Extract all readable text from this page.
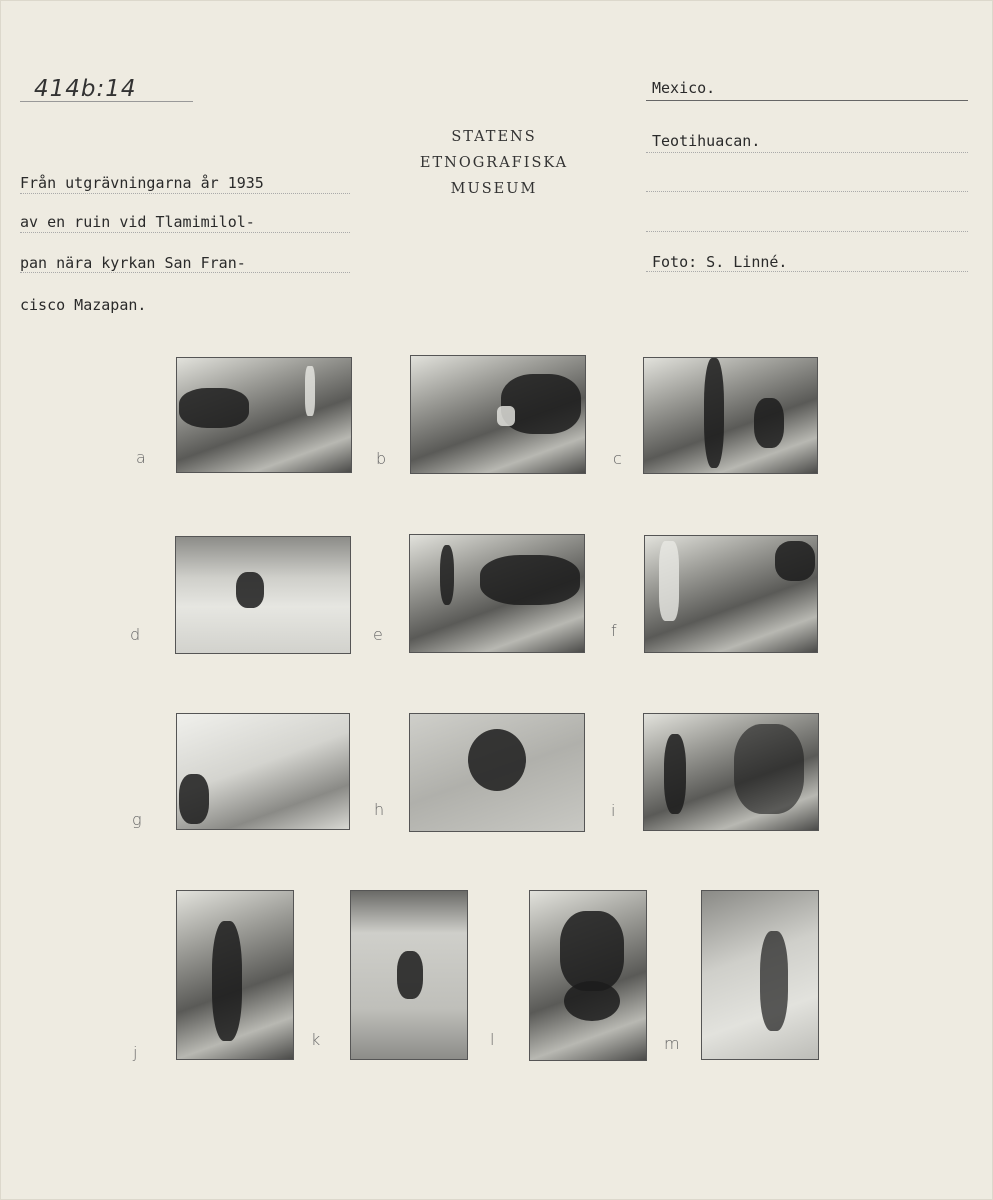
414b:14
STATENS
ETNOGRAFISKA
MUSEUM
Mexico.
Teotihuacan.
Foto: S. Linné.
Från utgrävningarna år 1935
av en ruin vid Tlamimilol-
pan nära kyrkan San Fran-
cisco Mazapan.
a	b	c
d	e	f
g
h	i
j
k	l	m
